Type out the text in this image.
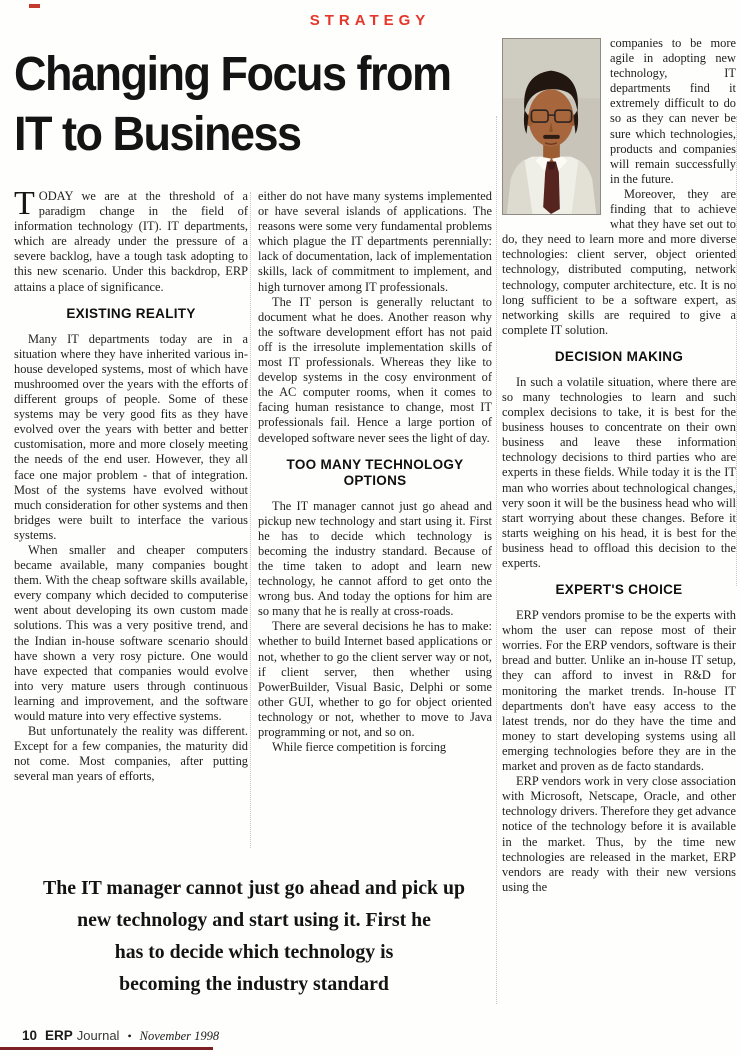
STRATEGY
Changing Focus from
IT to Business

TODAY we are at the threshold of a paradigm change in the field of information technology (IT). IT departments, which are already under the pressure of a severe backlog, have a tough task adopting to this new scenario. Under this backdrop, ERP attains a place of significance.

EXISTING REALITY

Many IT departments today are in a situation where they have inherited various in-house developed systems, most of which have mushroomed over the years with the efforts of different groups of people. Some of these systems may be very good fits as they have evolved over the years with better and better customisation, more and more closely meeting the needs of the end user. However, they all face one major problem - that of integration. Most of the systems have evolved without much consideration for other systems and then bridges were built to interface the various systems.

When smaller and cheaper computers became available, many companies bought them. With the cheap software skills available, every company which decided to computerise went about developing its own custom made solutions. This was a very positive trend, and the Indian in-house software scenario should have shown a very rosy picture. One would have expected that companies would evolve into very mature users through continuous learning and improvement, and the software would mature into very effective systems.

But unfortunately the reality was different. Except for a few companies, the maturity did not come. Most companies, after putting several man years of efforts,

either do not have many systems implemented or have several islands of applications. The reasons were some very fundamental problems which plague the IT departments perennially: lack of documentation, lack of implementation skills, lack of commitment to implement, and high turnover among IT professionals.

The IT person is generally reluctant to document what he does. Another reason why the software development effort has not paid off is the irresolute implementation skills of most IT professionals. Whereas they like to develop systems in the cosy environment of the AC computer rooms, when it comes to facing human resistance to change, most IT professionals fail. Hence a large portion of developed software never sees the light of day.

TOO MANY TECHNOLOGY OPTIONS

The IT manager cannot just go ahead and pickup new technology and start using it. First he has to decide which technology is becoming the industry standard. Because of the time taken to adopt and learn new technology, he cannot afford to get onto the wrong bus. And today the options for him are so many that he is really at cross-roads.

There are several decisions he has to make: whether to build Internet based applications or not, whether to go the client server way or not, if client server, then whether using PowerBuilder, Visual Basic, Delphi or some other GUI, whether to go for object oriented technology or not, whether to move to Java programming or not, and so on.

While fierce competition is forcing

companies to be more agile in adopting new technology, IT departments find it extremely difficult to do so as they can never be sure which technologies, products and companies will remain successfully in the future.

Moreover, they are finding that to achieve what they have set out to do, they need to learn more and more diverse technologies: client server, object oriented technology, distributed computing, network technology, computer architecture, etc. It is no long sufficient to be a software expert, as networking skills are required to give a complete IT solution.

DECISION MAKING

In such a volatile situation, where there are so many technologies to learn and such complex decisions to take, it is best for the business houses to concentrate on their own business and leave these information technology decisions to third parties who are experts in these fields. While today it is the IT man who worries about technological changes, very soon it will be the business head who will start worrying about these changes. Before it starts weighing on his head, it is best for the business head to offload this decision to the experts.

EXPERT'S CHOICE

ERP vendors promise to be the experts with whom the user can repose most of their worries. For the ERP vendors, software is their bread and butter. Unlike an in-house IT setup, they can afford to invest in R&D for monitoring the market trends. In-house IT departments don't have easy access to the latest trends, nor do they have the time and money to start developing systems using all emerging technologies before they are in the market and proven as de facto standards.

ERP vendors work in very close association with Microsoft, Netscape, Oracle, and other technology drivers. Therefore they get advance notice of the technology before it is available in the market. Thus, by the time new technologies are released in the market, ERP vendors are ready with their new versions using the

The IT manager cannot just go ahead and pick up
new technology and start using it. First he
has to decide which technology is
becoming the industry standard
10 ERP Journal • November 1998
